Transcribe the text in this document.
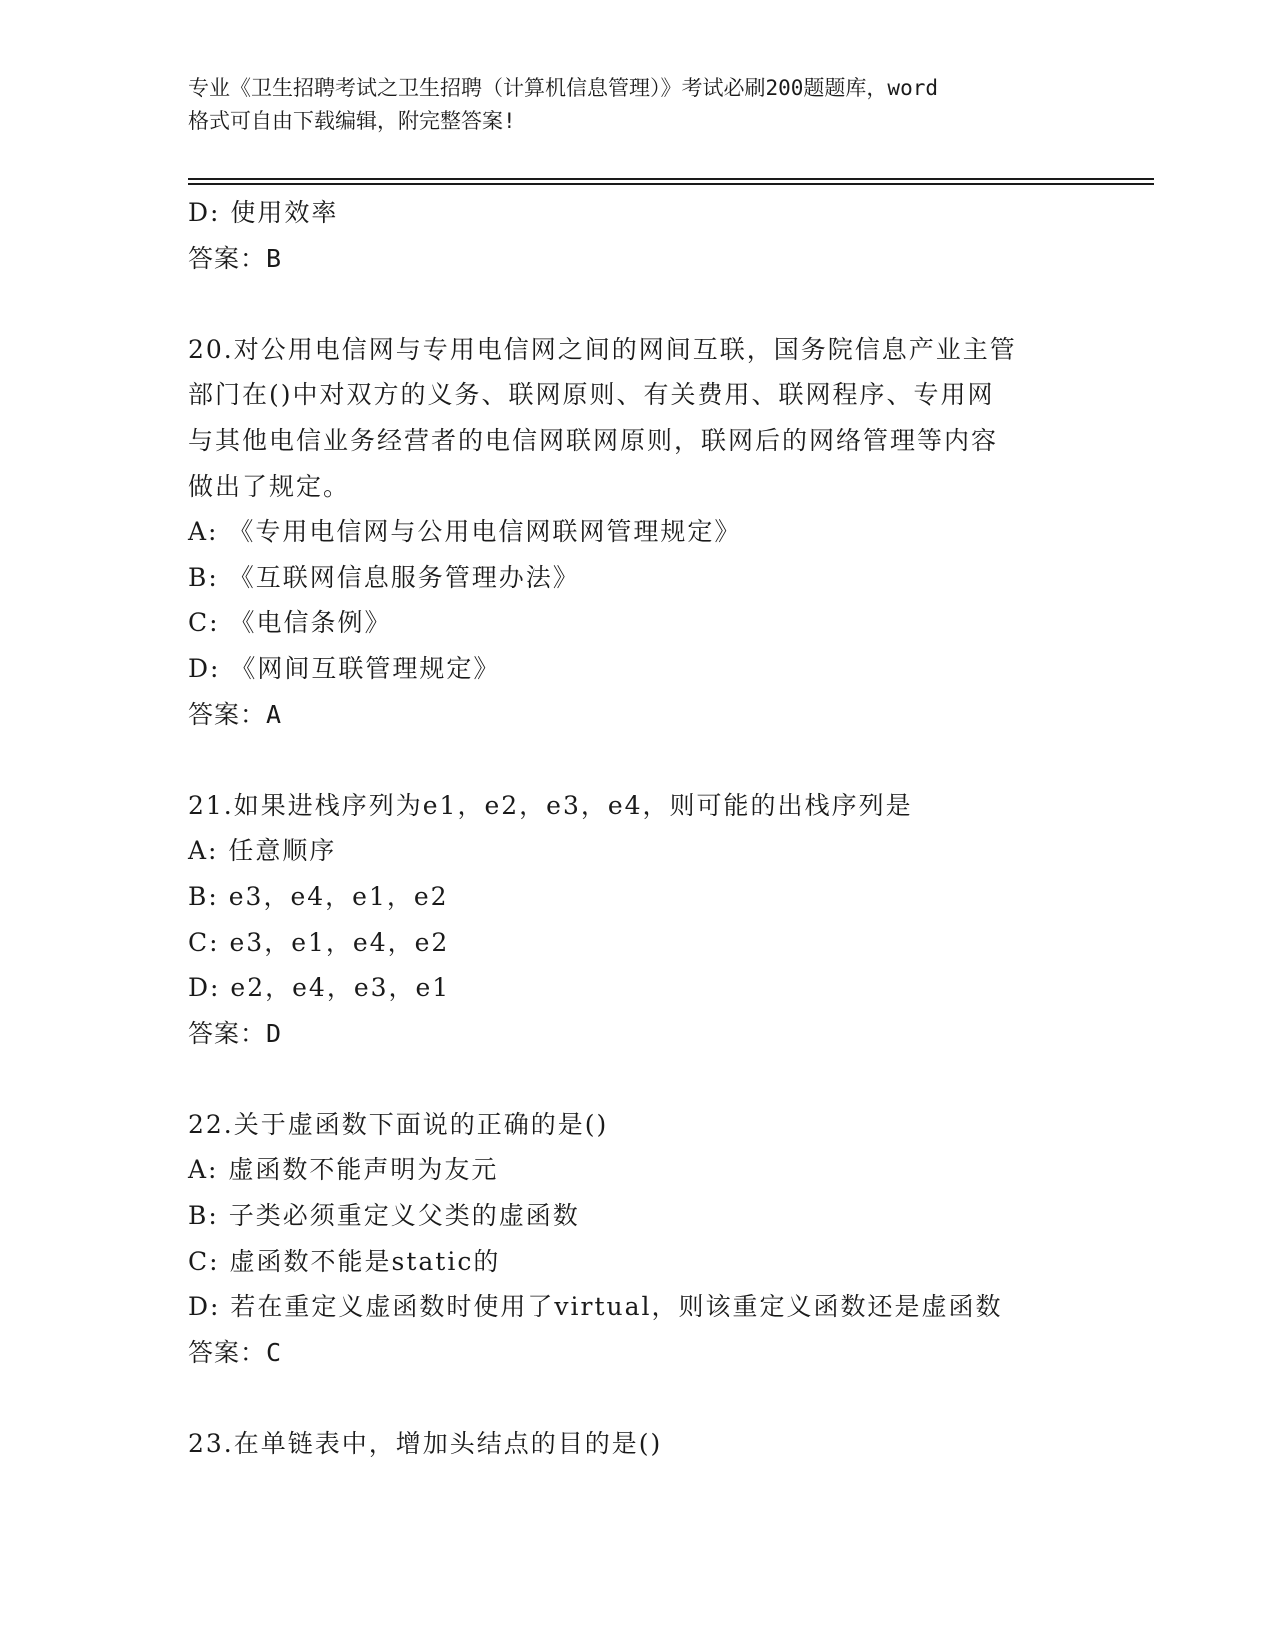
专业《卫生招聘考试之卫生招聘（计算机信息管理）》考试必刷200题题库，word
格式可自由下载编辑，附完整答案!
D: 使用效率
答案：B
20.对公用电信网与专用电信网之间的网间互联，国务院信息产业主管
部门在()中对双方的义务、联网原则、有关费用、联网程序、专用网
与其他电信业务经营者的电信网联网原则，联网后的网络管理等内容
做出了规定。
A: 《专用电信网与公用电信网联网管理规定》
B: 《互联网信息服务管理办法》
C: 《电信条例》
D: 《网间互联管理规定》
答案：A
21.如果进栈序列为e1，e2，e3，e4，则可能的出栈序列是
A: 任意顺序
B: e3，e4，e1，e2
C: e3，e1，e4，e2
D: e2，e4，e3，e1
答案：D
22.关于虚函数下面说的正确的是()
A: 虚函数不能声明为友元
B: 子类必须重定义父类的虚函数
C: 虚函数不能是static的
D: 若在重定义虚函数时使用了virtual，则该重定义函数还是虚函数
答案：C
23.在单链表中，增加头结点的目的是()
